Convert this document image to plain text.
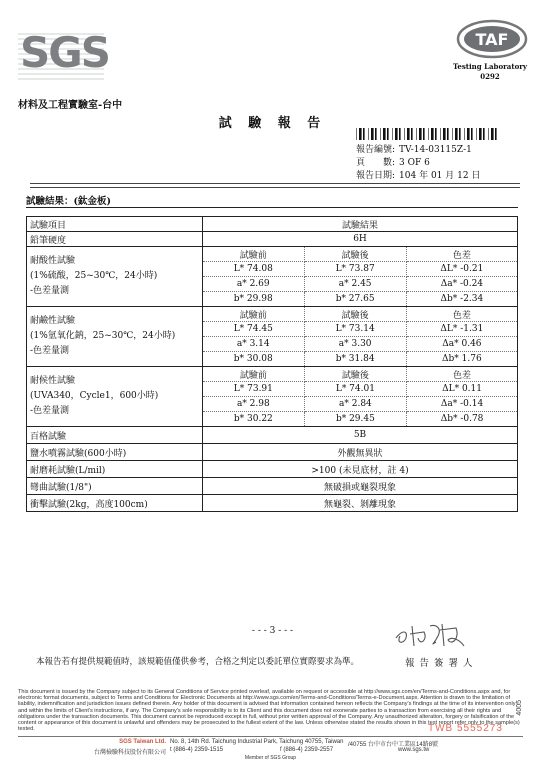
SGS
材料及工程實驗室-台中
TAF
Testing Laboratory
0292
試 驗 報 告
報告編號: TV-14-03115Z-1
頁　　數: 3 OF 6
報告日期: 104 年 01 月 12 日
試驗結果：(鈦金板)
試驗項目	試驗結果
鉛筆硬度	6H

耐酸性試驗
(1%硫酸，25~30℃，24小時)
-色差量測

試驗前	試驗後	色差
L* 74.08	L* 73.87	ΔL* -0.21
a* 2.69	a* 2.45	Δa* -0.24
b* 29.98	b* 27.65	Δb* -2.34

耐鹼性試驗
(1%氫氧化鈉，25~30℃，24小時)
-色差量測

試驗前	試驗後	色差
L* 74.45	L* 73.14	ΔL* -1.31
a* 3.14	a* 3.30	Δa* 0.46
b* 30.08	b* 31.84	Δb* 1.76

耐候性試驗
(UVA340，Cycle1，600小時)
-色差量測

試驗前	試驗後	色差
L* 73.91	L* 74.01	ΔL* 0.11
a* 2.98	a* 2.84	Δa* -0.14
b* 30.22	b* 29.45	Δb* -0.78

百格試驗	5B
鹽水噴霧試驗(600小時)	外觀無異狀
耐磨耗試驗(L/mil)	>100 (未見底材，註 4)
彎曲試驗(1/8")	無破損或龜裂現象
衝擊試驗(2kg，高度100cm)	無龜裂、剝離現象
- - - 3 - - -
本報告若有提供規範值時，該規範值僅供參考，合格之判定以委託單位實際要求為準。	報告簽署人
This document is issued by the Company subject to its General Conditions of Service printed overleaf, available on request or accessible at http://www.sgs.com/en/Terms-and-Conditions.aspx and, for electronic format documents, subject to Terms and Conditions for Electronic Documents at http://www.sgs.com/en/Terms-and-Conditions/Terms-e-Document.aspx. Attention is drawn to the limitation of liability, indemnification and jurisdiction issues defined therein. Any holder of this document is advised that information contained hereon reflects the Company's findings at the time of its intervention only and within the limits of Client's instructions, if any. The Company's sole responsibility is to its Client and this document does not exonerate parties to a transaction from exercising all their rights and obligations under the transaction documents. This document cannot be reproduced except in full, without prior written approval of the Company. Any unauthorized alteration, forgery or falsification of the content or appearance of this document is unlawful and offenders may be prosecuted to the fullest extent of the law. Unless otherwise stated the results shown in this test report refer only to the sample(s) tested.	TWB 5555273
4005
SGS Taiwan Ltd.
台灣檢驗科技股份有限公司
No. 8, 14th Rd. Taichung Industrial Park, Taichung 40755, Taiwan /40755 台中市台中工業區14路8號
t (886-4) 2359-1515	f (886-4) 2359-2557	www.sgs.tw
Member of SGS Group
